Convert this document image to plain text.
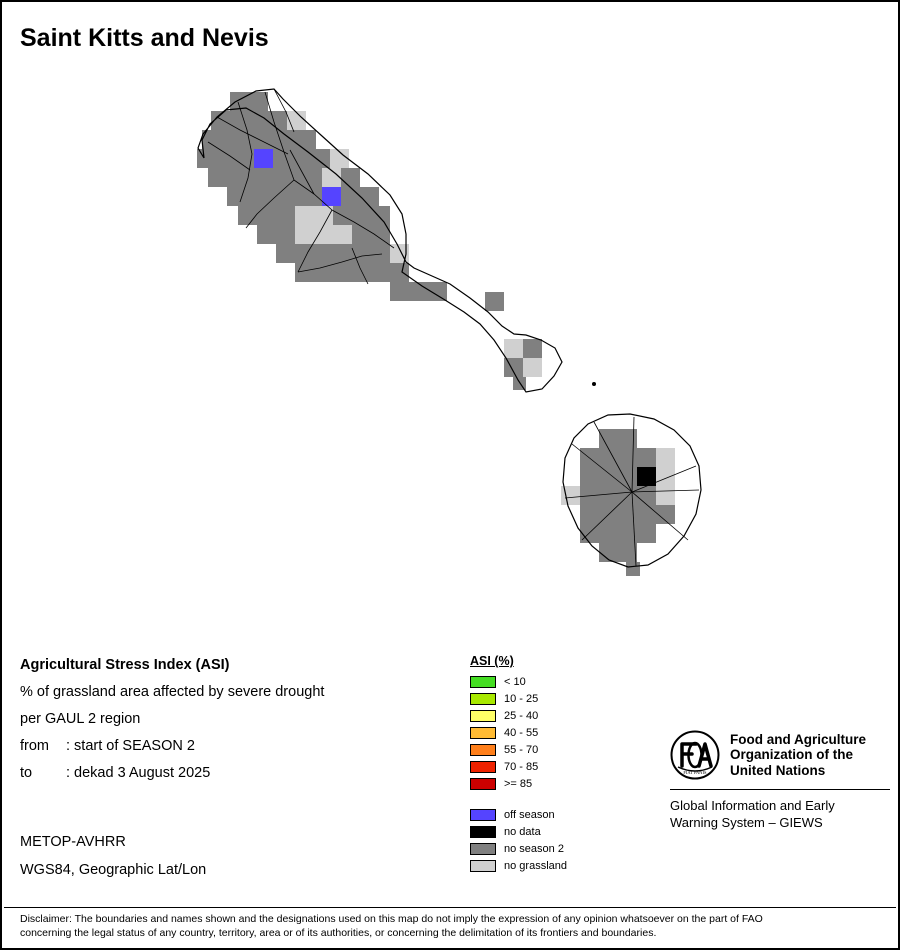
Saint Kitts and Nevis
Agricultural Stress Index (ASI)
% of grassland area affected by severe drought
per GAUL 2 region
from : start of SEASON 2
to : dekad 3 August 2025
METOP-AVHRR
WGS84, Geographic Lat/Lon
ASI (%)
< 10
10 - 25
25 - 40
40 - 55
55 - 70
70 - 85
>= 85
off season
no data
no season 2
no grassland
FIAT PANIS
Food and Agriculture
Organization of the
United Nations
Global Information and Early
Warning System – GIEWS
Disclaimer: The boundaries and names shown and the designations used on this map do not imply the expression of any opinion whatsoever on the part of FAO
concerning the legal status of any country, territory, area or of its authorities, or concerning the delimitation of its frontiers and boundaries.
